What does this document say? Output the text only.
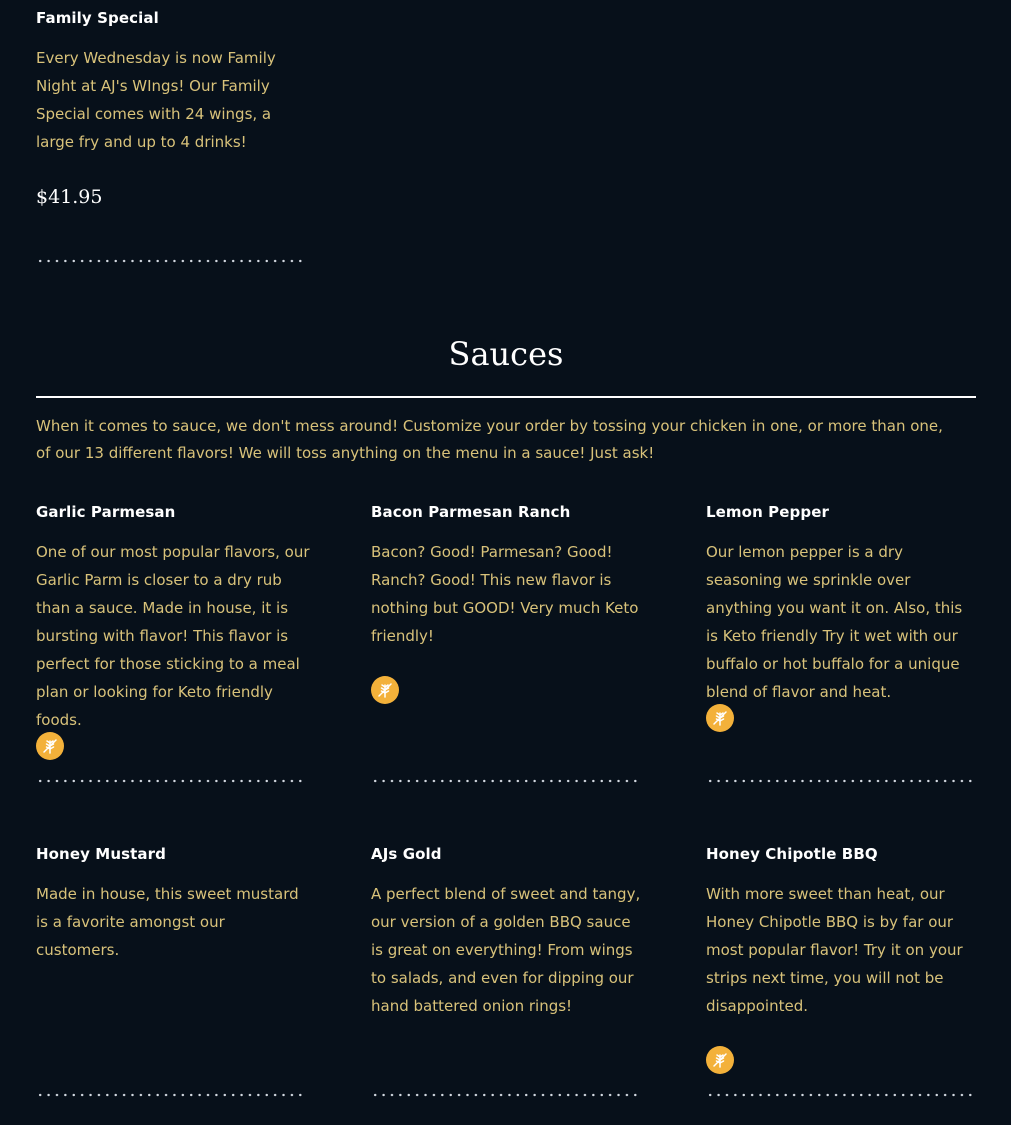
Family Special

Every Wednesday is now Family Night at AJ's WIngs! Our Family Special comes with 24 wings, a large fry and up to 4 drinks!

$41.95
Sauces

When it comes to sauce, we don't mess around! Customize your order by tossing your chicken in one, or more than one, of our 13 different flavors! We will toss anything on the menu in a sauce! Just ask!

Garlic Parmesan

One of our most popular flavors, our Garlic Parm is closer to a dry rub than a sauce. Made in house, it is bursting with flavor! This flavor is perfect for those sticking to a meal plan or looking for Keto friendly foods.

Bacon Parmesan Ranch

Bacon? Good! Parmesan? Good! Ranch? Good! This new flavor is nothing but GOOD! Very much Keto friendly!

Lemon Pepper

Our lemon pepper is a dry seasoning we sprinkle over anything you want it on. Also, this is Keto friendly Try it wet with our buffalo or hot buffalo for a unique blend of flavor and heat.

Honey Mustard

Made in house, this sweet mustard is a favorite amongst our customers.

AJs Gold

A perfect blend of sweet and tangy, our version of a golden BBQ sauce is great on everything! From wings to salads, and even for dipping our hand battered onion rings!

Honey Chipotle BBQ

With more sweet than heat, our Honey Chipotle BBQ is by far our most popular flavor! Try it on your strips next time, you will not be disappointed.
